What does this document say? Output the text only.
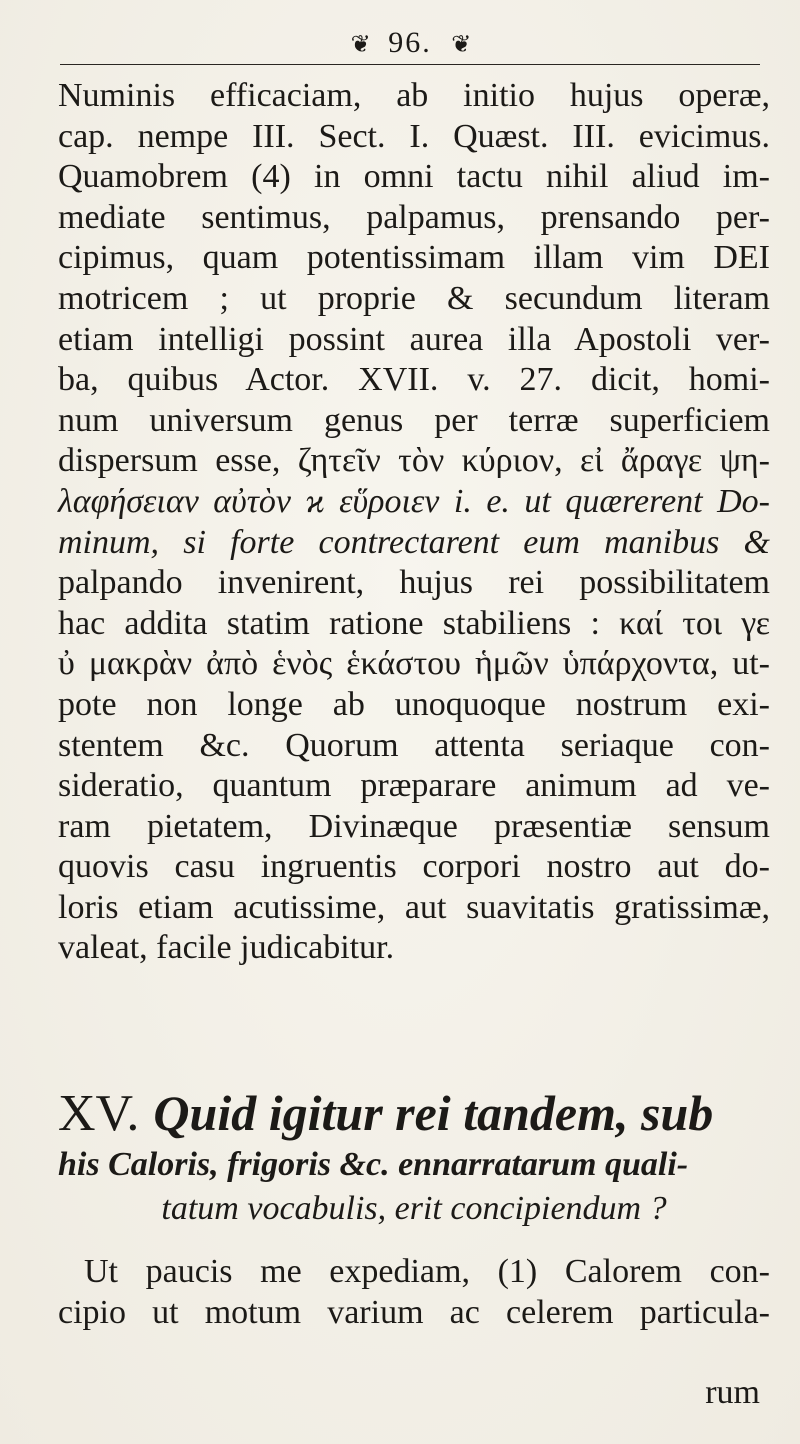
❦ 96. ❦
Numinis efficaciam, ab initio hujus operæ,
cap. nempe III. Sect. I. Quæst. III. evicimus.
Quamobrem (4) in omni tactu nihil aliud im-
mediate sentimus, palpamus, prensando per-
cipimus, quam potentissimam illam vim DEI
motricem ; ut proprie & secundum literam
etiam intelligi possint aurea illa Apostoli ver-
ba, quibus Actor. XVII. v. 27. dicit, homi-
num universum genus per terræ superficiem
dispersum esse, ζητεῖν τὸν κύριον, εἰ ἄραγε ψη-
λαφήσειαν αὐτὸν ϰ εὕροιεν i. e. ut quærerent Do-
minum, si forte contrectarent eum manibus &
palpando invenirent, hujus rei possibilitatem
hac addita statim ratione stabiliens : καί τοι γε
ὐ μακρὰν ἀπὸ ἑνὸς ἑκάστου ἡμῶν ὑπάρχοντα, ut-
pote non longe ab unoquoque nostrum exi-
stentem &c. Quorum attenta seriaque con-
sideratio, quantum præparare animum ad ve-
ram pietatem, Divinæque præsentiæ sensum
quovis casu ingruentis corpori nostro aut do-
loris etiam acutissime, aut suavitatis gratissimæ,
valeat, facile judicabitur.
XV. Quid igitur rei tandem, sub
his Caloris, frigoris &c. ennarratarum quali-
tatum vocabulis, erit concipiendum ?
Ut paucis me expediam, (1) Calorem con-
cipio ut motum varium ac celerem particula-
rum
